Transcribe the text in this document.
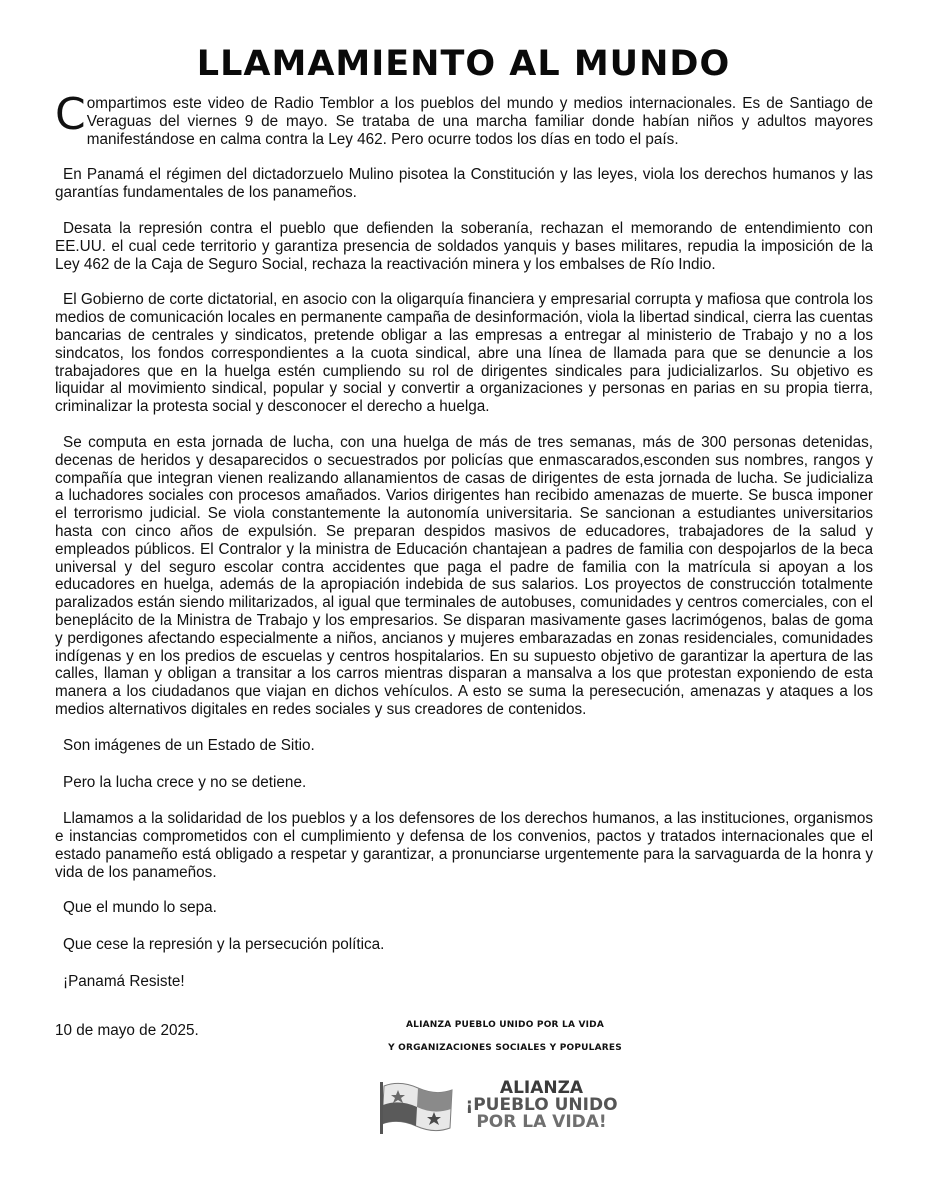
LLAMAMIENTO AL MUNDO

Compartimos este video de Radio Temblor a los pueblos del mundo y medios internacionales. Es de Santiago de Veraguas del viernes 9 de mayo. Se trataba de una marcha familiar donde habían niños y adultos mayores manifestándose en calma contra la Ley 462. Pero ocurre todos los días en todo el país.

En Panamá el régimen del dictadorzuelo Mulino pisotea la Constitución y las leyes, viola los derechos humanos y las garantías fundamentales de los panameños.

Desata la represión contra el pueblo que defienden la soberanía, rechazan el memorando de entendimiento con EE.UU. el cual cede territorio y garantiza presencia de soldados yanquis y bases militares, repudia la imposición de la Ley 462 de la Caja de Seguro Social, rechaza la reactivación minera y los embalses de Río Indio.

El Gobierno de corte dictatorial, en asocio con la oligarquía financiera y empresarial corrupta y mafiosa que controla los medios de comunicación locales en permanente campaña de desinformación, viola la libertad sindical, cierra las cuentas bancarias de centrales y sindicatos, pretende obligar a las empresas a entregar al ministerio de Trabajo y no a los sindcatos, los fondos correspondientes a la cuota sindical, abre una línea de llamada para que se denuncie a los trabajadores que en la huelga estén cumpliendo su rol de dirigentes sindicales para judicializarlos. Su objetivo es liquidar al movimiento sindical, popular y social y convertir a organizaciones y personas en parias en su propia tierra, criminalizar la protesta social y desconocer el derecho a huelga.

Se computa en esta jornada de lucha, con una huelga de más de tres semanas, más de 300 personas detenidas, decenas de heridos y desaparecidos o secuestrados por policías que enmascarados,esconden sus nombres, rangos y compañía que integran vienen realizando allanamientos de casas de dirigentes de esta jornada de lucha. Se judicializa a luchadores sociales con procesos amañados. Varios dirigentes han recibido amenazas de muerte. Se busca imponer el terrorismo judicial. Se viola constantemente la autonomía universitaria. Se sancionan a estudiantes universitarios hasta con cinco años de expulsión. Se preparan despidos masivos de educadores, trabajadores de la salud y empleados públicos. El Contralor y la ministra de Educación chantajean a padres de familia con despojarlos de la beca universal y del seguro escolar contra accidentes que paga el padre de familia con la matrícula si apoyan a los educadores en huelga, además de la apropiación indebida de sus salarios. Los proyectos de construcción totalmente paralizados están siendo militarizados, al igual que terminales de autobuses, comunidades y centros comerciales, con el beneplácito de la Ministra de Trabajo y los empresarios. Se disparan masivamente gases lacrimógenos, balas de goma y perdigones afectando especialmente a niños, ancianos y mujeres embarazadas en zonas residenciales, comunidades indígenas y en los predios de escuelas y centros hospitalarios. En su supuesto objetivo de garantizar la apertura de las calles, llaman y obligan a transitar a los carros mientras disparan a mansalva a los que protestan exponiendo de esta manera a los ciudadanos que viajan en dichos vehículos. A esto se suma la peresecución, amenazas y ataques a los medios alternativos digitales en redes sociales y sus creadores de contenidos.

Son imágenes de un Estado de Sitio.

Pero la lucha crece y no se detiene.

Llamamos a la solidaridad de los pueblos y a los defensores de los derechos humanos, a las instituciones, organismos e instancias comprometidos con el cumplimiento y defensa de los convenios, pactos y tratados internacionales que el estado panameño está obligado a respetar y garantizar, a pronunciarse urgentemente para la sarvaguarda de la honra y vida de los panameños.

Que el mundo lo sepa.

Que cese la represión y la persecución política.

¡Panamá Resiste!

10 de mayo de 2025.	ALIANZA PUEBLO UNIDO POR LA VIDA
Y ORGANIZACIONES SOCIALES Y POPULARES
ALIANZA
¡PUEBLO UNIDO
POR LA VIDA!
